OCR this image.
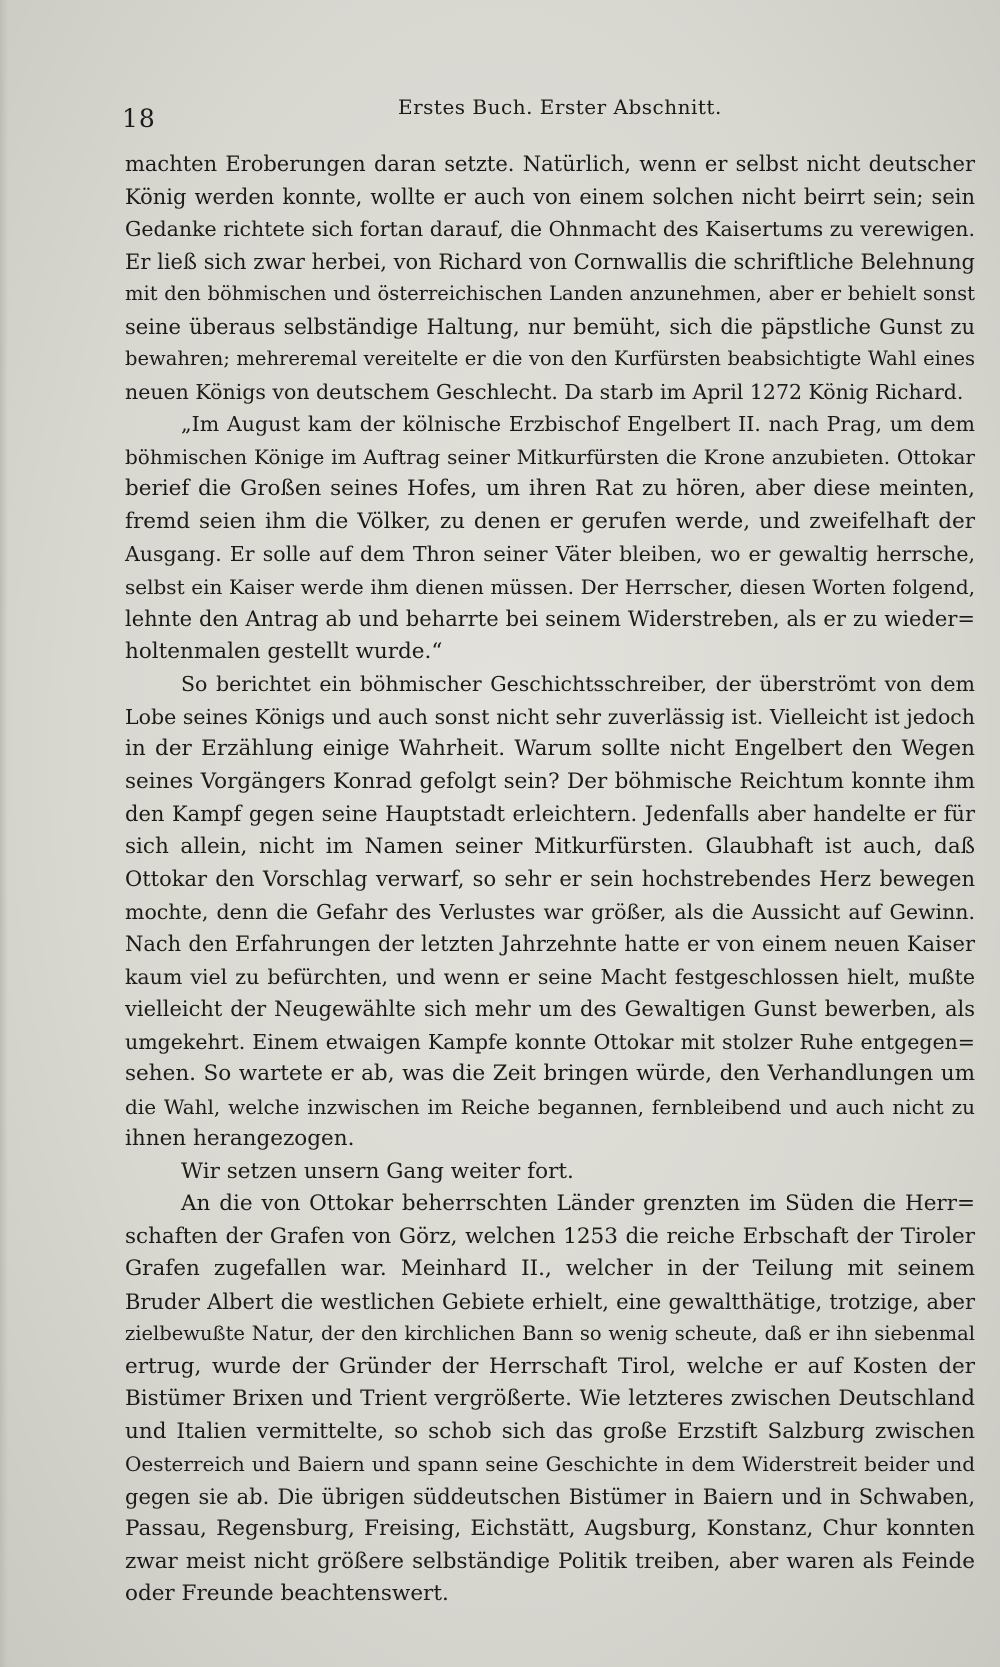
18	Erstes Buch. Erster Abschnitt.
machten Eroberungen daran setzte. Natürlich, wenn er selbst nicht deutscher
König werden konnte, wollte er auch von einem solchen nicht beirrt sein; sein
Gedanke richtete sich fortan darauf, die Ohnmacht des Kaisertums zu verewigen.
Er ließ sich zwar herbei, von Richard von Cornwallis die schriftliche Belehnung
mit den böhmischen und österreichischen Landen anzunehmen, aber er behielt sonst
seine überaus selbständige Haltung, nur bemüht, sich die päpstliche Gunst zu
bewahren; mehreremal vereitelte er die von den Kurfürsten beabsichtigte Wahl eines
neuen Königs von deutschem Geschlecht. Da starb im April 1272 König Richard.
„Im August kam der kölnische Erzbischof Engelbert II. nach Prag, um dem
böhmischen Könige im Auftrag seiner Mitkurfürsten die Krone anzubieten. Ottokar
berief die Großen seines Hofes, um ihren Rat zu hören, aber diese meinten,
fremd seien ihm die Völker, zu denen er gerufen werde, und zweifelhaft der
Ausgang. Er solle auf dem Thron seiner Väter bleiben, wo er gewaltig herrsche,
selbst ein Kaiser werde ihm dienen müssen. Der Herrscher, diesen Worten folgend,
lehnte den Antrag ab und beharrte bei seinem Widerstreben, als er zu wieder=
holtenmalen gestellt wurde.“
So berichtet ein böhmischer Geschichtsschreiber, der überströmt von dem
Lobe seines Königs und auch sonst nicht sehr zuverlässig ist. Vielleicht ist jedoch
in der Erzählung einige Wahrheit. Warum sollte nicht Engelbert den Wegen
seines Vorgängers Konrad gefolgt sein? Der böhmische Reichtum konnte ihm
den Kampf gegen seine Hauptstadt erleichtern. Jedenfalls aber handelte er für
sich allein, nicht im Namen seiner Mitkurfürsten. Glaubhaft ist auch, daß
Ottokar den Vorschlag verwarf, so sehr er sein hochstrebendes Herz bewegen
mochte, denn die Gefahr des Verlustes war größer, als die Aussicht auf Gewinn.
Nach den Erfahrungen der letzten Jahrzehnte hatte er von einem neuen Kaiser
kaum viel zu befürchten, und wenn er seine Macht festgeschlossen hielt, mußte
vielleicht der Neugewählte sich mehr um des Gewaltigen Gunst bewerben, als
umgekehrt. Einem etwaigen Kampfe konnte Ottokar mit stolzer Ruhe entgegen=
sehen. So wartete er ab, was die Zeit bringen würde, den Verhandlungen um
die Wahl, welche inzwischen im Reiche begannen, fernbleibend und auch nicht zu
ihnen herangezogen.
Wir setzen unsern Gang weiter fort.
An die von Ottokar beherrschten Länder grenzten im Süden die Herr=
schaften der Grafen von Görz, welchen 1253 die reiche Erbschaft der Tiroler
Grafen zugefallen war. Meinhard II., welcher in der Teilung mit seinem
Bruder Albert die westlichen Gebiete erhielt, eine gewaltthätige, trotzige, aber
zielbewußte Natur, der den kirchlichen Bann so wenig scheute, daß er ihn siebenmal
ertrug, wurde der Gründer der Herrschaft Tirol, welche er auf Kosten der
Bistümer Brixen und Trient vergrößerte. Wie letzteres zwischen Deutschland
und Italien vermittelte, so schob sich das große Erzstift Salzburg zwischen
Oesterreich und Baiern und spann seine Geschichte in dem Widerstreit beider und
gegen sie ab. Die übrigen süddeutschen Bistümer in Baiern und in Schwaben,
Passau, Regensburg, Freising, Eichstätt, Augsburg, Konstanz, Chur konnten
zwar meist nicht größere selbständige Politik treiben, aber waren als Feinde
oder Freunde beachtenswert.
